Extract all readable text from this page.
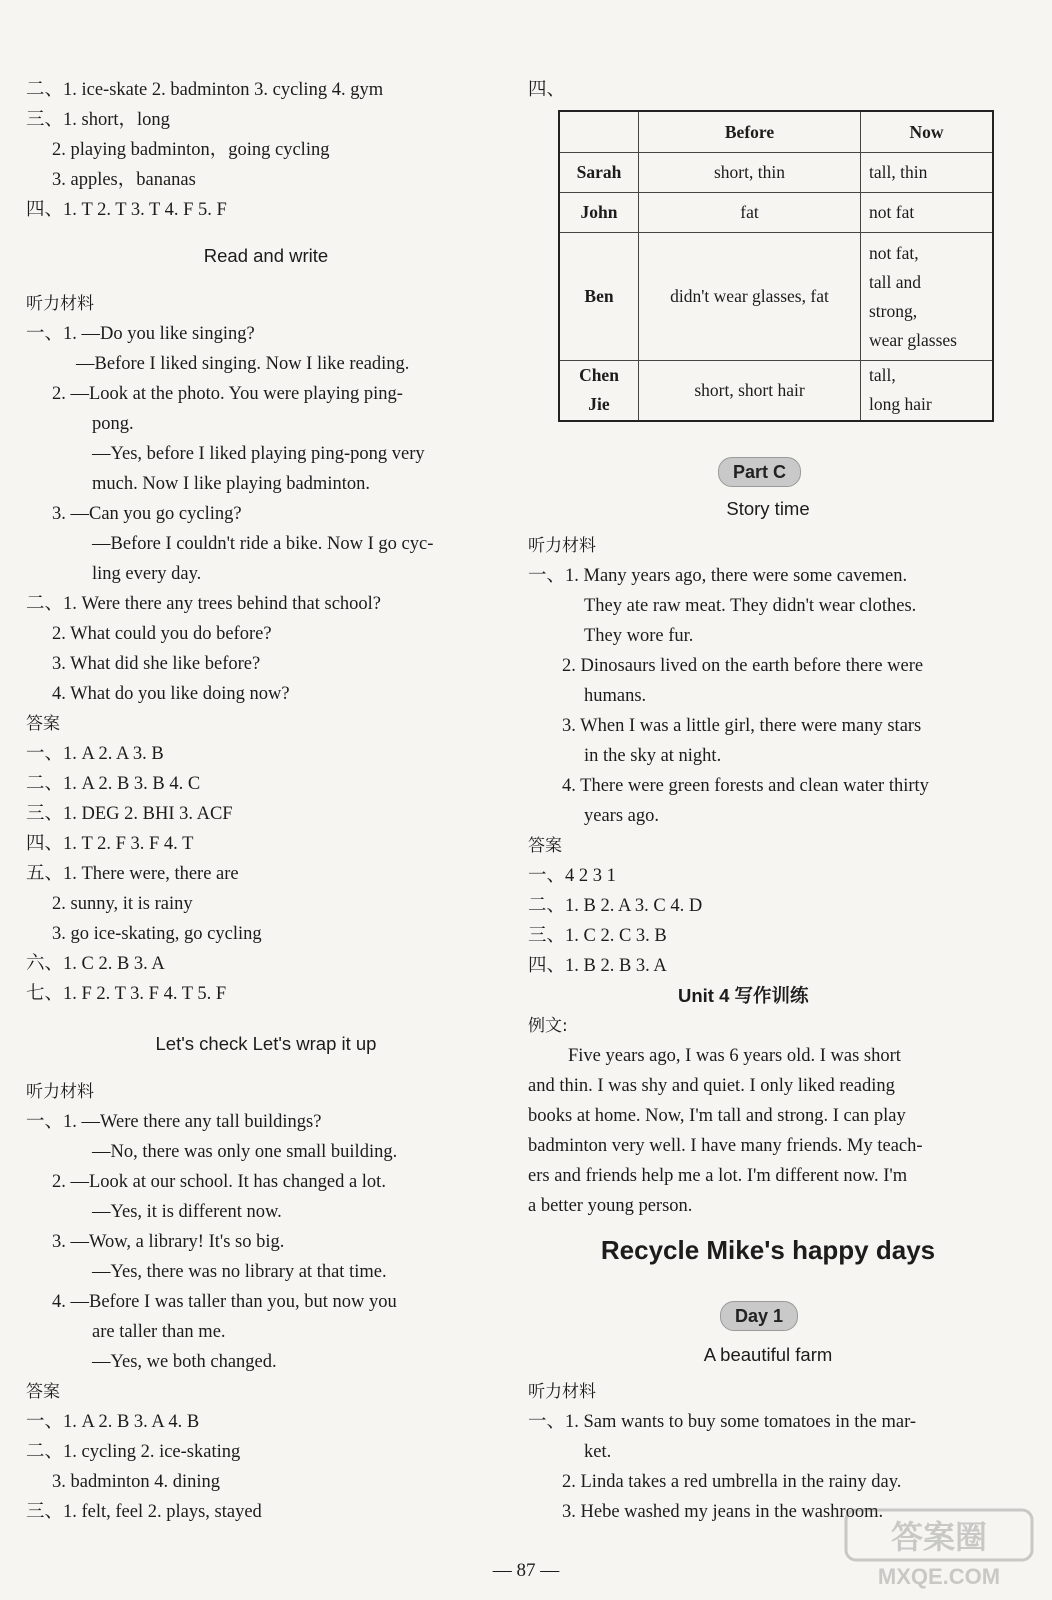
二、1. ice-skate 2. badminton 3. cycling 4. gym
三、1. short，long
2. playing badminton，going cycling
3. apples，bananas
四、1. T 2. T 3. T 4. F 5. F
Read and write
听力材料
一、1. —Do you like singing?
—Before I liked singing. Now I like reading.
2. —Look at the photo. You were playing ping-
pong.
—Yes, before I liked playing ping-pong very
much. Now I like playing badminton.
3. —Can you go cycling?
—Before I couldn't ride a bike. Now I go cyc-
ling every day.
二、1. Were there any trees behind that school?
2. What could you do before?
3. What did she like before?
4. What do you like doing now?
答案
一、1. A 2. A 3. B
二、1. A 2. B 3. B 4. C
三、1. DEG 2. BHI 3. ACF
四、1. T 2. F 3. F 4. T
五、1. There were, there are
2. sunny, it is rainy
3. go ice-skating, go cycling
六、1. C 2. B 3. A
七、1. F 2. T 3. F 4. T 5. F
Let's check Let's wrap it up
听力材料
一、1. —Were there any tall buildings?
—No, there was only one small building.
2. —Look at our school. It has changed a lot.
—Yes, it is different now.
3. —Wow, a library! It's so big.
—Yes, there was no library at that time.
4. —Before I was taller than you, but now you
are taller than me.
—Yes, we both changed.
答案
一、1. A 2. B 3. A 4. B
二、1. cycling 2. ice-skating
3. badminton 4. dining
三、1. felt, feel 2. plays, stayed
四、
	Before	Now
Sarah	short, thin	tall, thin

John	fat	not fat

Ben	didn't wear glasses, fat	not fat,
tall and
strong,
wear glasses

Chen Jie	short, short hair	tall,
long hair
Part C
Story time
听力材料
一、1. Many years ago, there were some cavemen.
They ate raw meat. They didn't wear clothes.
They wore fur.
2. Dinosaurs lived on the earth before there were
humans.
3. When I was a little girl, there were many stars
in the sky at night.
4. There were green forests and clean water thirty
years ago.
答案
一、4 2 3 1
二、1. B 2. A 3. C 4. D
三、1. C 2. C 3. B
四、1. B 2. B 3. A
Unit 4 写作训练
例文:
Five years ago, I was 6 years old. I was short
and thin. I was shy and quiet. I only liked reading
books at home. Now, I'm tall and strong. I can play
badminton very well. I have many friends. My teach-
ers and friends help me a lot. I'm different now. I'm
a better young person.
Recycle Mike's happy days
Day 1
A beautiful farm
听力材料
一、1. Sam wants to buy some tomatoes in the mar-
ket.
2. Linda takes a red umbrella in the rainy day.
3. Hebe washed my jeans in the washroom.
— 87 —
答案圈
MXQE.COM
